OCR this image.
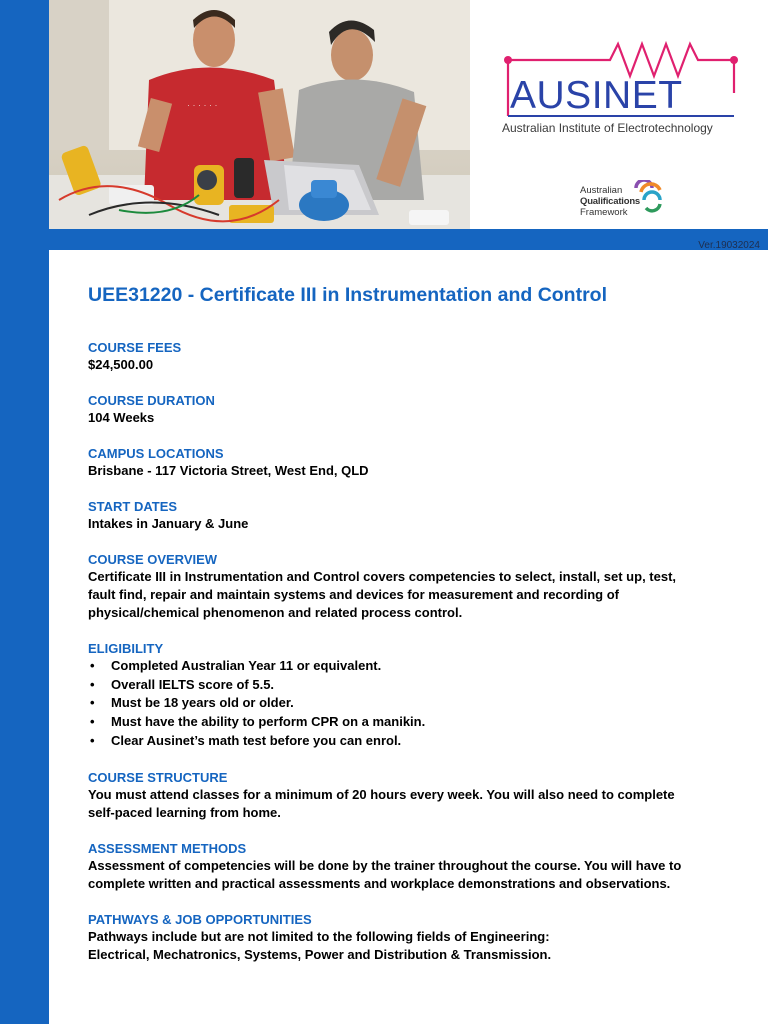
· · · · · ·	AUSINET
Australian Institute of Electrotechnology
Australian
Qualifications
Framework
Ver.19032024
UEE31220 - Certificate III in Instrumentation and Control
COURSE FEES
$24,500.00
COURSE DURATION
104 Weeks
CAMPUS LOCATIONS
Brisbane - 117 Victoria Street, West End, QLD
START DATES
Intakes in January & June
COURSE OVERVIEW
Certificate III in Instrumentation and Control covers competencies to select, install, set up, test,
fault find, repair and maintain systems and devices for measurement and recording of
physical/chemical phenomenon and related process control.
ELIGIBILITY
• Completed Australian Year 11 or equivalent.
• Overall IELTS score of 5.5.
• Must be 18 years old or older.
• Must have the ability to perform CPR on a manikin.
• Clear Ausinet’s math test before you can enrol.
COURSE STRUCTURE
You must attend classes for a minimum of 20 hours every week. You will also need to complete
self-paced learning from home.
ASSESSMENT METHODS
Assessment of competencies will be done by the trainer throughout the course. You will have to
complete written and practical assessments and workplace demonstrations and observations.
PATHWAYS & JOB OPPORTUNITIES
Pathways include but are not limited to the following fields of Engineering:
Electrical, Mechatronics, Systems, Power and Distribution & Transmission.
